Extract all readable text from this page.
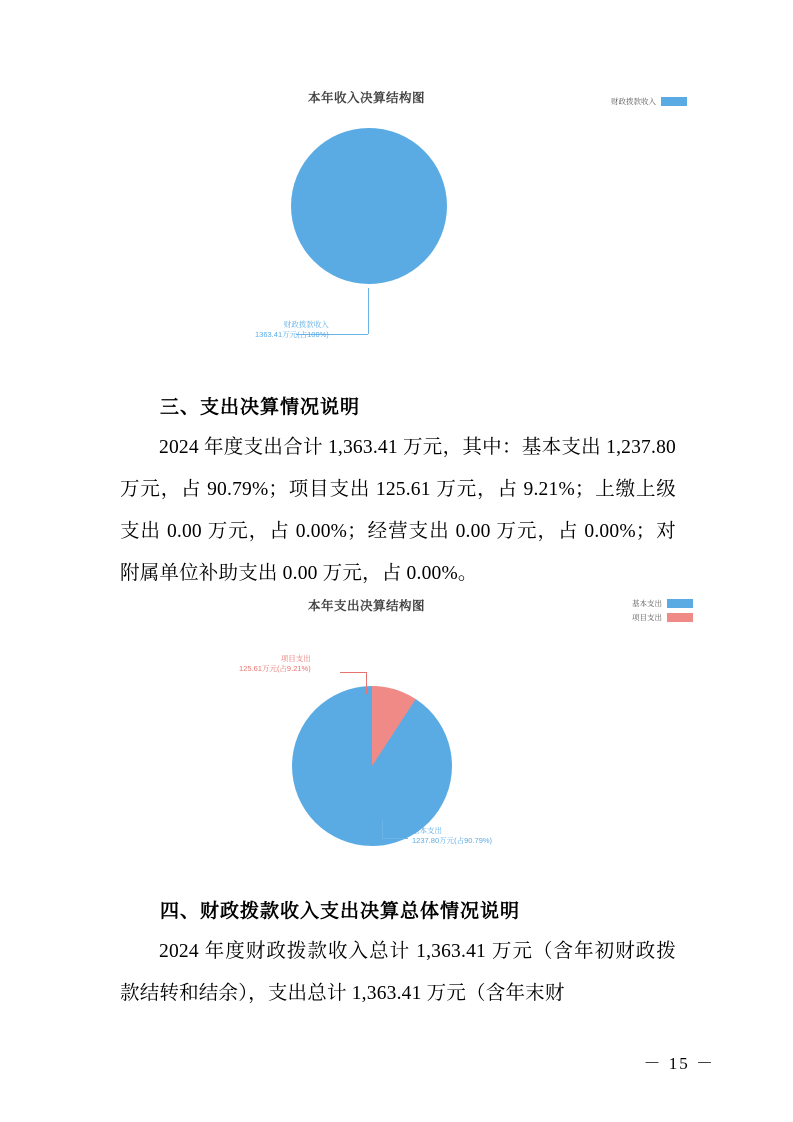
本年收入决算结构图	财政拨款收入
财政拨款收入
1363.41万元(占100%)
三、支出决算情况说明
2024 年度支出合计 1,363.41 万元，其中：基本支出 1,237.80 万元，占 90.79%；项目支出 125.61 万元，占 9.21%；上缴上级支出 0.00 万元，占 0.00%；经营支出 0.00 万元，占 0.00%；对附属单位补助支出 0.00 万元，占 0.00%。
本年支出决算结构图	基本支出
项目支出
项目支出
125.61万元(占9.21%)
基本支出
1237.80万元(占90.79%)
四、财政拨款收入支出决算总体情况说明
2024 年度财政拨款收入总计 1,363.41 万元（含年初财政拨款结转和结余），支出总计 1,363.41 万元（含年末财
－ 15 －
